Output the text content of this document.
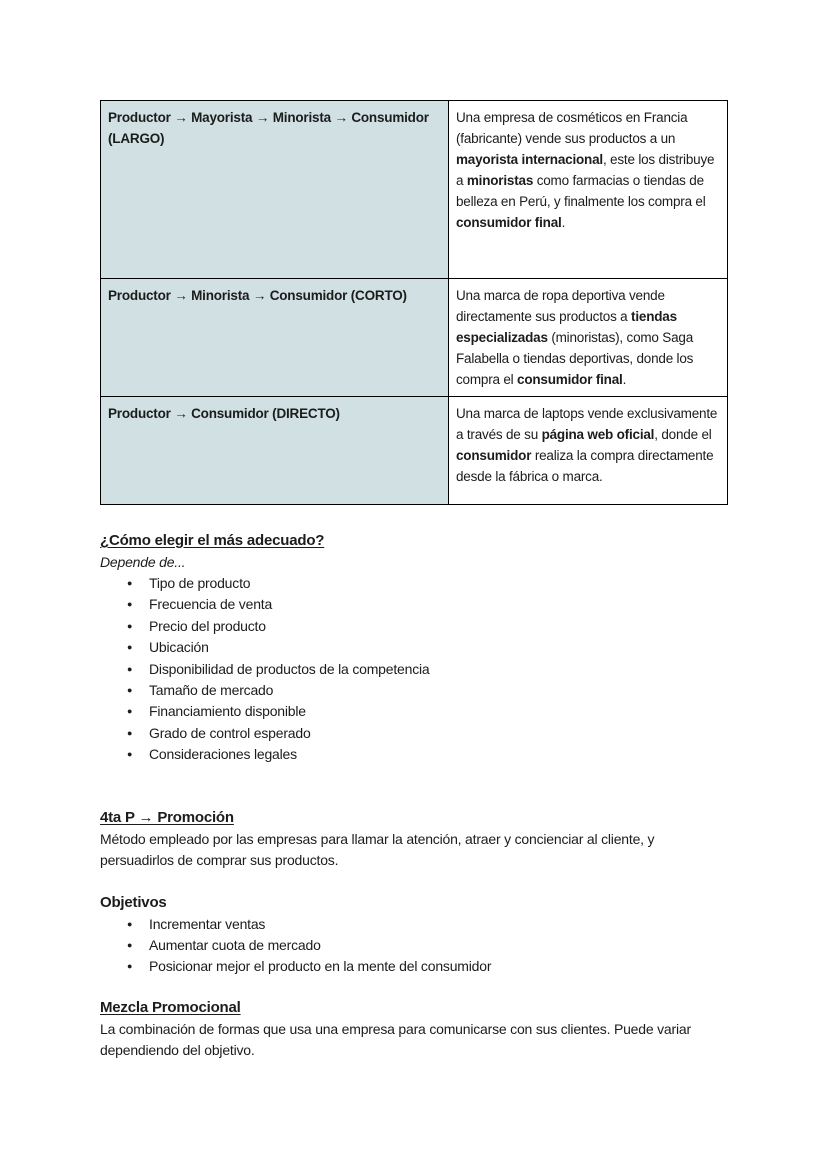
Productor → Mayorista → Minorista → Consumidor (LARGO)	Una empresa de cosméticos en Francia (fabricante) vende sus productos a un mayorista internacional, este los distribuye a minoristas como farmacias o tiendas de belleza en Perú, y finalmente los compra el consumidor final.
Productor → Minorista → Consumidor (CORTO)	Una marca de ropa deportiva vende directamente sus productos a tiendas especializadas (minoristas), como Saga Falabella o tiendas deportivas, donde los compra el consumidor final.
Productor → Consumidor (DIRECTO)	Una marca de laptops vende exclusivamente a través de su página web oficial, donde el consumidor realiza la compra directamente desde la fábrica o marca.
¿Cómo elegir el más adecuado?
Depende de...
● Tipo de producto
● Frecuencia de venta
● Precio del producto
● Ubicación
● Disponibilidad de productos de la competencia
● Tamaño de mercado
● Financiamiento disponible
● Grado de control esperado
● Consideraciones legales
4ta P → Promoción

Método empleado por las empresas para llamar la atención, atraer y concienciar al cliente, y persuadirlos de comprar sus productos.

Objetivos
● Incrementar ventas
● Aumentar cuota de mercado
● Posicionar mejor el producto en la mente del consumidor
Mezcla Promocional

La combinación de formas que usa una empresa para comunicarse con sus clientes. Puede variar dependiendo del objetivo.
